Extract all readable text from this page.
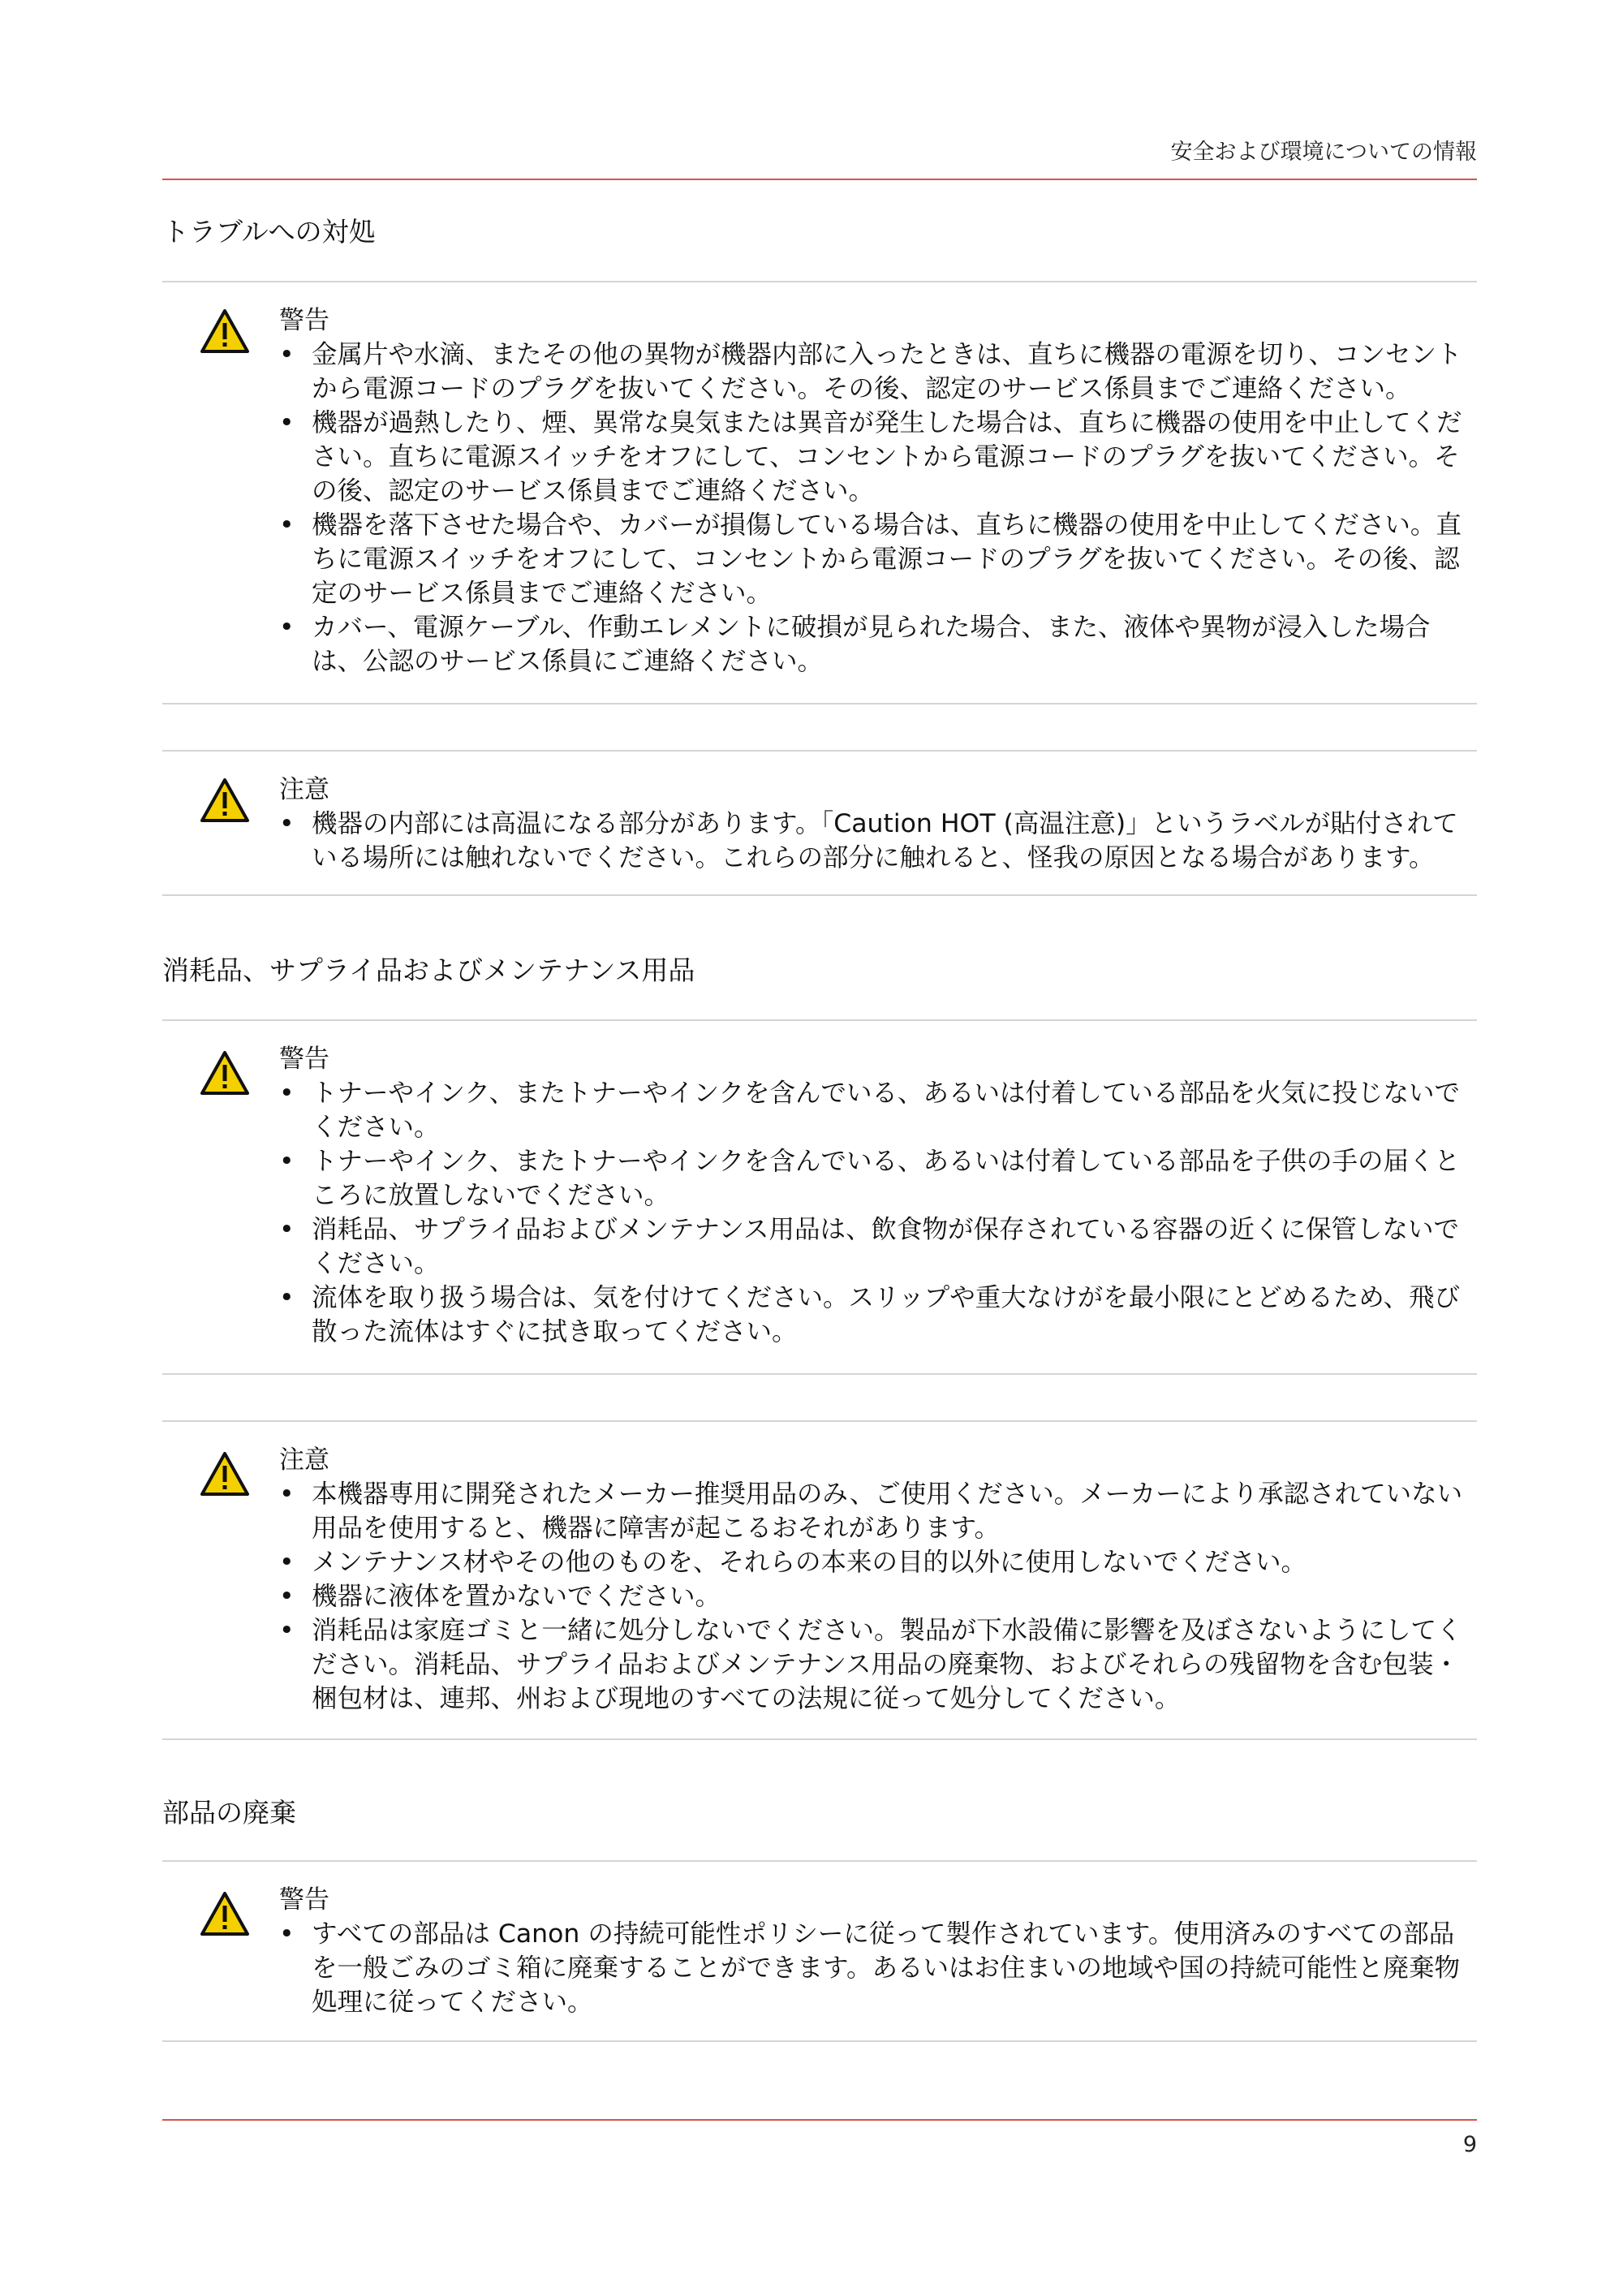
安全および環境についての情報
トラブルへの対処
警告
• 金属片や水滴、またその他の異物が機器内部に入ったときは、直ちに機器の電源を切り、コンセントから電源コードのプラグを抜いてください。その後、認定のサービス係員までご連絡ください。
• 機器が過熱したり、煙、異常な臭気または異音が発生した場合は、直ちに機器の使用を中止してください。直ちに電源スイッチをオフにして、コンセントから電源コードのプラグを抜いてください。その後、認定のサービス係員までご連絡ください。
• 機器を落下させた場合や、カバーが損傷している場合は、直ちに機器の使用を中止してください。直ちに電源スイッチをオフにして、コンセントから電源コードのプラグを抜いてください。その後、認定のサービス係員までご連絡ください。
• カバー、電源ケーブル、作動エレメントに破損が見られた場合、また、液体や異物が浸入した場合は、公認のサービス係員にご連絡ください。
注意
• 機器の内部には高温になる部分があります。「Caution HOT (高温注意)」というラベルが貼付されている場所には触れないでください。これらの部分に触れると、怪我の原因となる場合があります。
消耗品、サプライ品およびメンテナンス用品
警告
• トナーやインク、またトナーやインクを含んでいる、あるいは付着している部品を火気に投じないでください。
• トナーやインク、またトナーやインクを含んでいる、あるいは付着している部品を子供の手の届くところに放置しないでください。
• 消耗品、サプライ品およびメンテナンス用品は、飲食物が保存されている容器の近くに保管しないでください。
• 流体を取り扱う場合は、気を付けてください。スリップや重大なけがを最小限にとどめるため、飛び散った流体はすぐに拭き取ってください。
注意
• 本機器専用に開発されたメーカー推奨用品のみ、ご使用ください。メーカーにより承認されていない用品を使用すると、機器に障害が起こるおそれがあります。
• メンテナンス材やその他のものを、それらの本来の目的以外に使用しないでください。
• 機器に液体を置かないでください。
• 消耗品は家庭ゴミと一緒に処分しないでください。製品が下水設備に影響を及ぼさないようにしてください。消耗品、サプライ品およびメンテナンス用品の廃棄物、およびそれらの残留物を含む包装・梱包材は、連邦、州および現地のすべての法規に従って処分してください。
部品の廃棄
警告
• すべての部品は Canon の持続可能性ポリシーに従って製作されています。使用済みのすべての部品を一般ごみのゴミ箱に廃棄することができます。あるいはお住まいの地域や国の持続可能性と廃棄物処理に従ってください。
9
